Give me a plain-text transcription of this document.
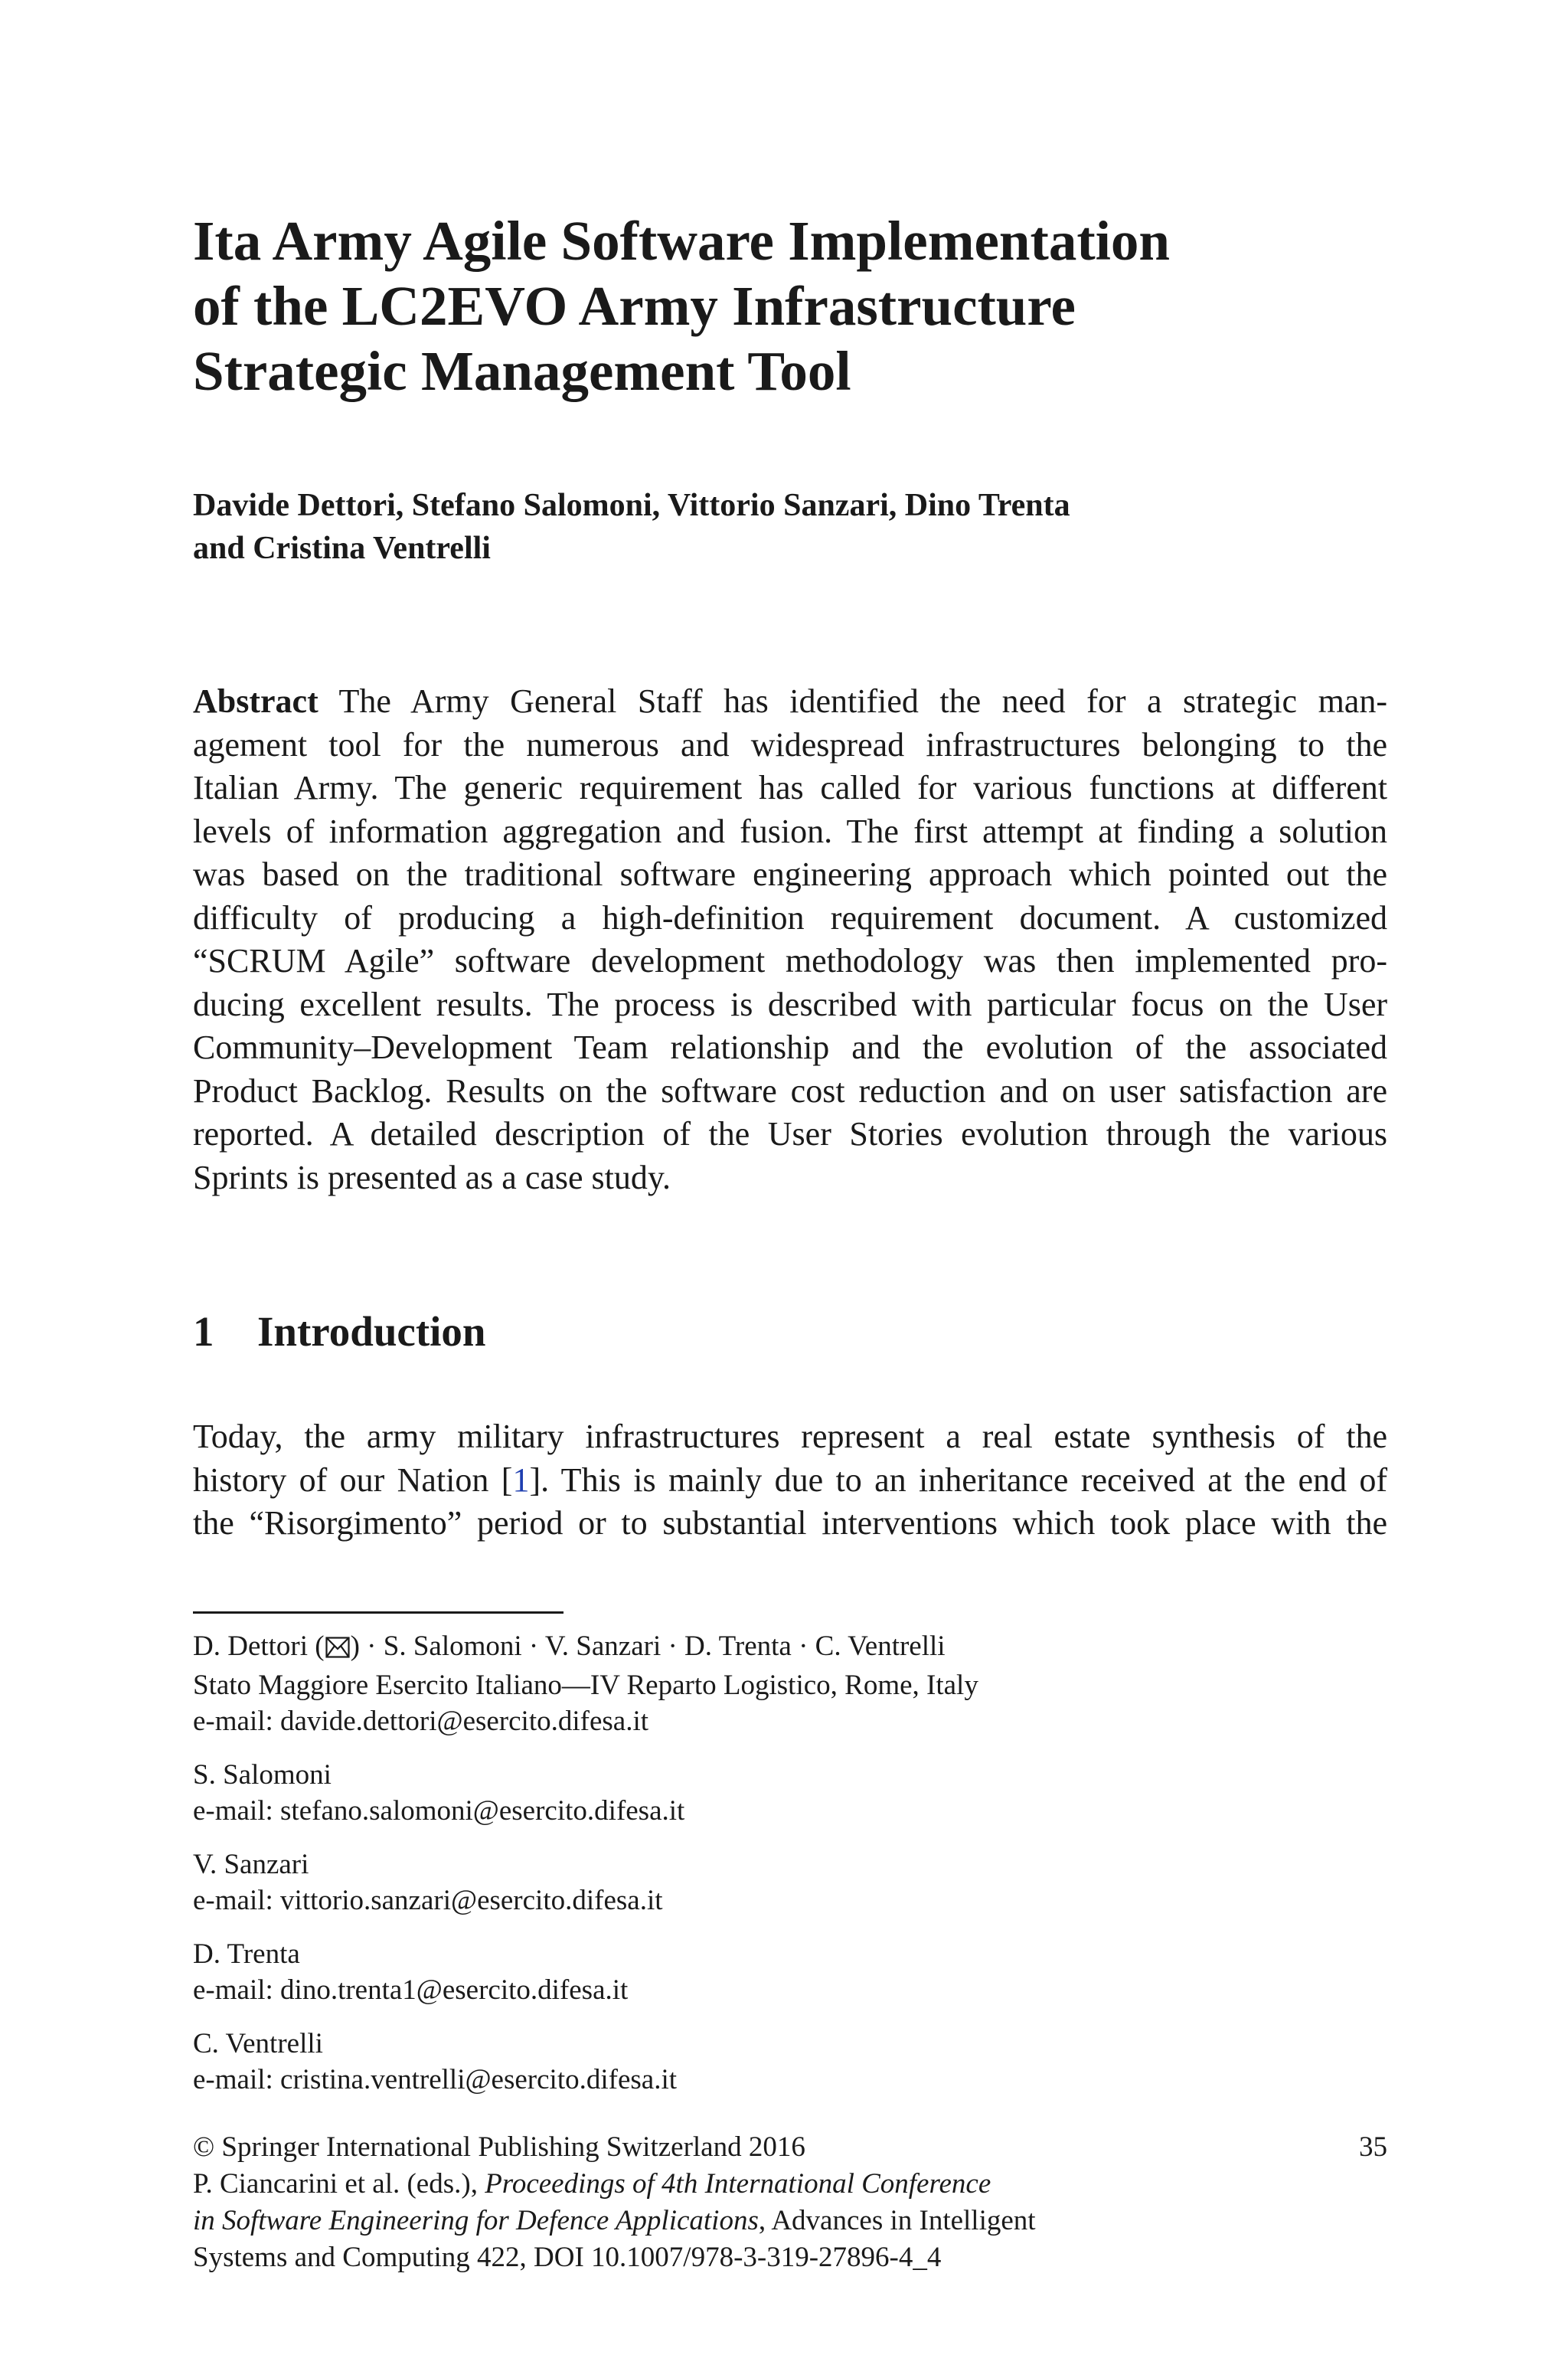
Ita Army Agile Software Implementation
of the LC2EVO Army Infrastructure
Strategic Management Tool
Davide Dettori, Stefano Salomoni, Vittorio Sanzari, Dino Trenta
and Cristina Ventrelli
Abstract The Army General Staff has identified the need for a strategic man-
agement tool for the numerous and widespread infrastructures belonging to the
Italian Army. The generic requirement has called for various functions at different
levels of information aggregation and fusion. The first attempt at finding a solution
was based on the traditional software engineering approach which pointed out the
difficulty of producing a high-definition requirement document. A customized
“SCRUM Agile” software development methodology was then implemented pro-
ducing excellent results. The process is described with particular focus on the User
Community–Development Team relationship and the evolution of the associated
Product Backlog. Results on the software cost reduction and on user satisfaction are
reported. A detailed description of the User Stories evolution through the various
Sprints is presented as a case study.
1 Introduction
Today, the army military infrastructures represent a real estate synthesis of the
history of our Nation [1]. This is mainly due to an inheritance received at the end of
the “Risorgimento” period or to substantial interventions which took place with the
D. Dettori ( ) · S. Salomoni · V. Sanzari · D. Trenta · C. Ventrelli
Stato Maggiore Esercito Italiano—IV Reparto Logistico, Rome, Italy
e-mail: davide.dettori@esercito.difesa.it
S. Salomoni
e-mail: stefano.salomoni@esercito.difesa.it
V. Sanzari
e-mail: vittorio.sanzari@esercito.difesa.it
D. Trenta
e-mail: dino.trenta1@esercito.difesa.it
C. Ventrelli
e-mail: cristina.ventrelli@esercito.difesa.it
© Springer International Publishing Switzerland 2016	35
P. Ciancarini et al. (eds.), Proceedings of 4th International Conference
in Software Engineering for Defence Applications, Advances in Intelligent
Systems and Computing 422, DOI 10.1007/978-3-319-27896-4_4
